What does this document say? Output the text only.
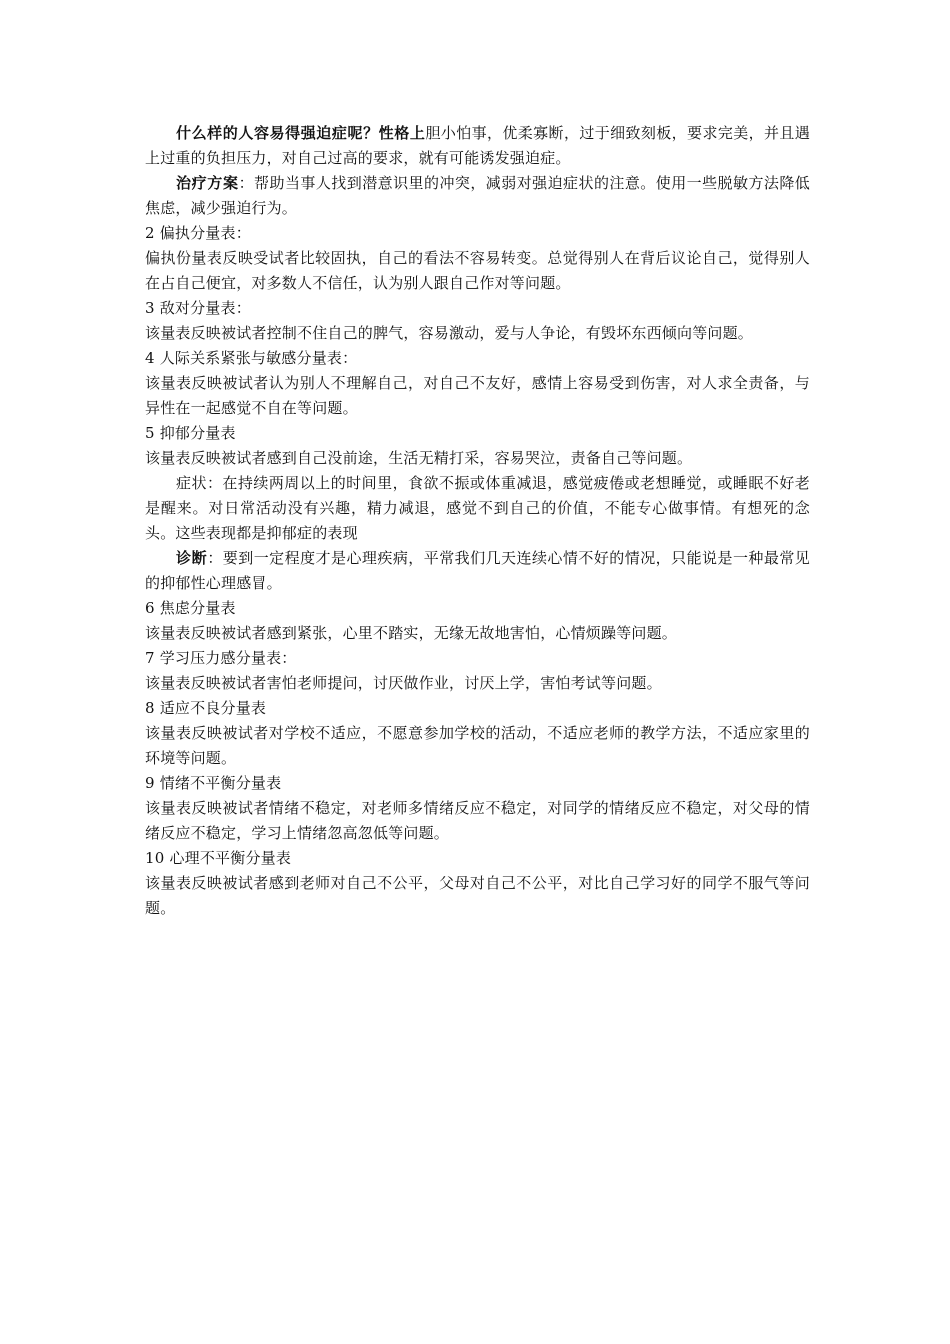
什么样的人容易得强迫症呢？性格上胆小怕事，优柔寡断，过于细致刻板，要求完美，并且遇上过重的负担压力，对自己过高的要求，就有可能诱发强迫症。

治疗方案：帮助当事人找到潜意识里的冲突，减弱对强迫症状的注意。使用一些脱敏方法降低焦虑，减少强迫行为。

2 偏执分量表：

偏执份量表反映受试者比较固执，自己的看法不容易转变。总觉得别人在背后议论自己，觉得别人在占自己便宜，对多数人不信任，认为别人跟自己作对等问题。

3 敌对分量表：

该量表反映被试者控制不住自己的脾气，容易激动，爱与人争论，有毁坏东西倾向等问题。

4 人际关系紧张与敏感分量表：

该量表反映被试者认为别人不理解自己，对自己不友好，感情上容易受到伤害，对人求全责备，与异性在一起感觉不自在等问题。

5 抑郁分量表

该量表反映被试者感到自己没前途，生活无精打采，容易哭泣，责备自己等问题。

症状：在持续两周以上的时间里，食欲不振或体重减退，感觉疲倦或老想睡觉，或睡眠不好老是醒来。对日常活动没有兴趣，精力减退，感觉不到自己的价值，不能专心做事情。有想死的念头。这些表现都是抑郁症的表现

诊断：要到一定程度才是心理疾病，平常我们几天连续心情不好的情况，只能说是一种最常见的抑郁性心理感冒。

6 焦虑分量表

该量表反映被试者感到紧张，心里不踏实，无缘无故地害怕，心情烦躁等问题。

7 学习压力感分量表：

该量表反映被试者害怕老师提问，讨厌做作业，讨厌上学，害怕考试等问题。

8 适应不良分量表

该量表反映被试者对学校不适应，不愿意参加学校的活动，不适应老师的教学方法，不适应家里的环境等问题。

9 情绪不平衡分量表

该量表反映被试者情绪不稳定，对老师多情绪反应不稳定，对同学的情绪反应不稳定，对父母的情绪反应不稳定，学习上情绪忽高忽低等问题。

10 心理不平衡分量表

该量表反映被试者感到老师对自己不公平，父母对自己不公平，对比自己学习好的同学不服气等问题。
